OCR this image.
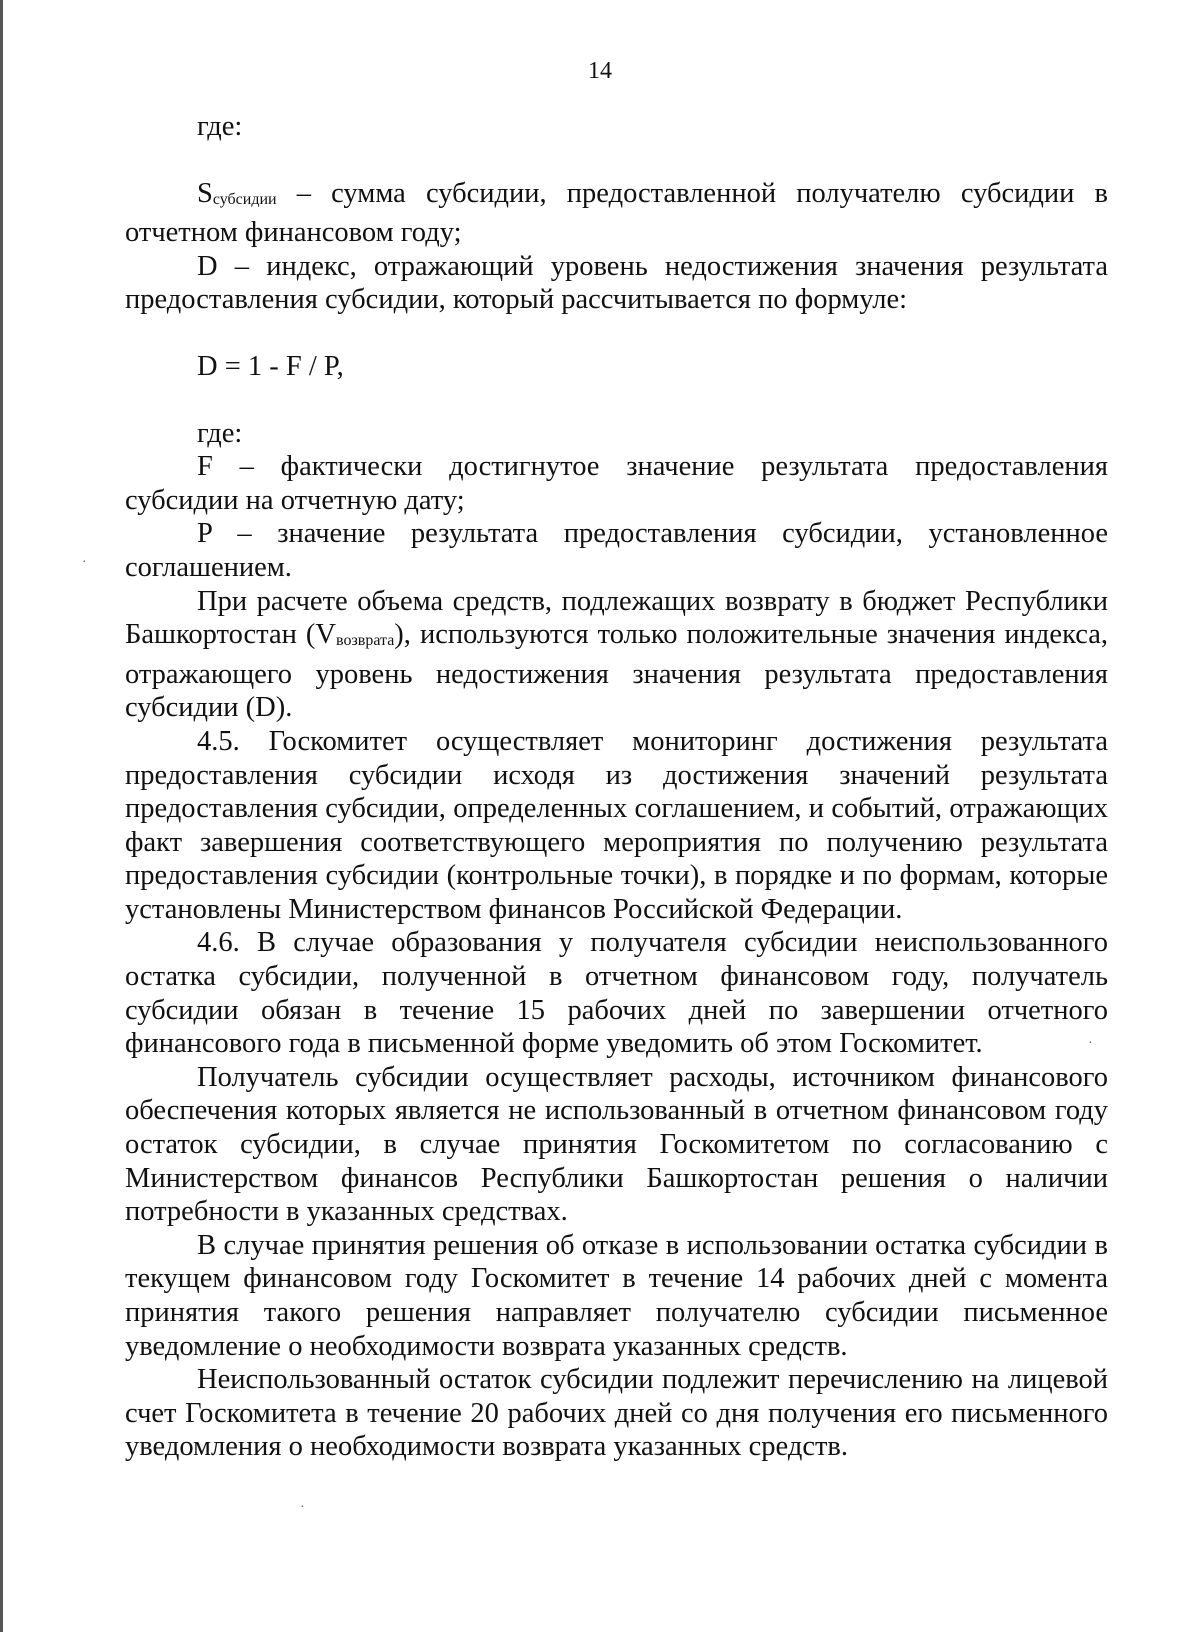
14

где:

Sсубсидии – сумма субсидии, предоставленной получателю субсидии в отчетном финансовом году;

D – индекс, отражающий уровень недостижения значения результата предоставления субсидии, который рассчитывается по формуле:

D = 1 - F / P,

где:

F – фактически достигнутое значение результата предоставления субсидии на отчетную дату;

P – значение результата предоставления субсидии, установленное соглашением.

При расчете объема средств, подлежащих возврату в бюджет Республики Башкортостан (Vвозврата), используются только положительные значения индекса, отражающего уровень недостижения значения результата предоставления субсидии (D).

4.5. Госкомитет осуществляет мониторинг достижения результата предоставления субсидии исходя из достижения значений результата предоставления субсидии, определенных соглашением, и событий, отражающих факт завершения соответствующего мероприятия по получению результата предоставления субсидии (контрольные точки), в порядке и по формам, которые установлены Министерством финансов Российской Федерации.

4.6. В случае образования у получателя субсидии неиспользованного остатка субсидии, полученной в отчетном финансовом году, получатель субсидии обязан в течение 15 рабочих дней по завершении отчетного финансового года в письменной форме уведомить об этом Госкомитет.

Получатель субсидии осуществляет расходы, источником финансового обеспечения которых является не использованный в отчетном финансовом году остаток субсидии, в случае принятия Госкомитетом по согласованию с Министерством финансов Республики Башкортостан решения о наличии потребности в указанных средствах.

В случае принятия решения об отказе в использовании остатка субсидии в текущем финансовом году Госкомитет в течение 14 рабочих дней с момента принятия такого решения направляет получателю субсидии письменное уведомление о необходимости возврата указанных средств.

Неиспользованный остаток субсидии подлежит перечислению на лицевой счет Госкомитета в течение 20 рабочих дней со дня получения его письменного уведомления о необходимости возврата указанных средств.

·
·
·
